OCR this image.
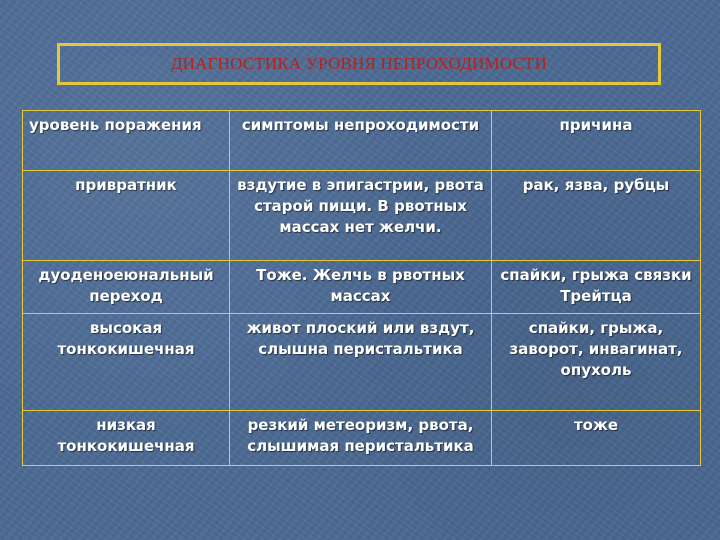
ДИАГНОСТИКА УРОВНЯ НЕПРОХОДИМОСТИ
уровень поражения	симптомы непроходимости	причина
привратник	вздутие в эпигастрии, рвота старой пищи. В рвотных массах нет желчи.	рак, язва, рубцы
дуоденоеюнальный переход	Тоже. Желчь в рвотных массах	спайки, грыжа связки Трейтца
высокая тонкокишечная	живот плоский или вздут, слышна перистальтика	спайки, грыжа, заворот, инвагинат, опухоль
низкая тонкокишечная	резкий метеоризм, рвота, слышимая перистальтика	тоже
